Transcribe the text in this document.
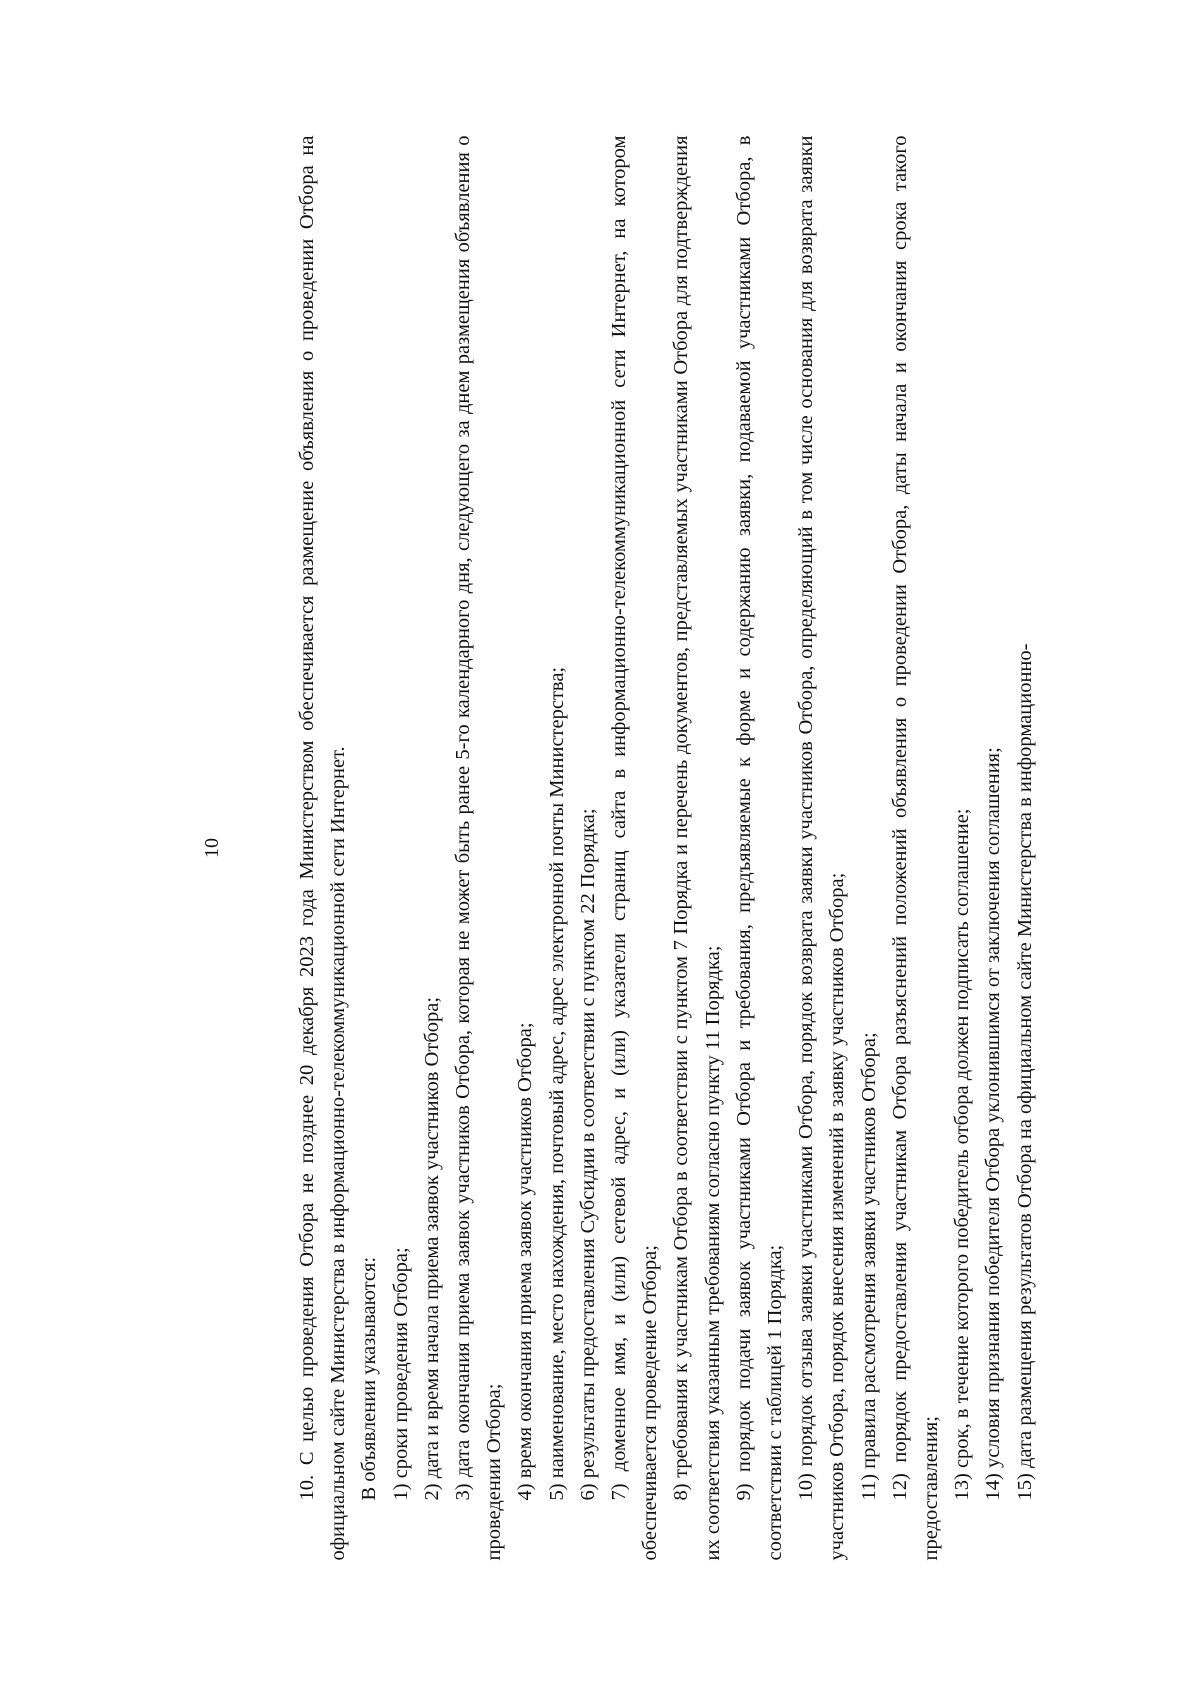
10	10. С целью проведения Отбора не позднее 20 декабря 2023 года Министерством обеспечивается размещение объявления о проведении Отбора на официальном сайте Министерства в информационно-телекоммуникационной сети Интернет. В объявлении указываются: 1) сроки проведения Отбора; 2) дата и время начала приема заявок участников Отбора; 3) дата окончания приема заявок участников Отбора, которая не может быть ранее 5-го календарного дня, следующего за днем размещения объявления о проведении Отбора; 4) время окончания приема заявок участников Отбора; 5) наименование, место нахождения, почтовый адрес, адрес электронной почты Министерства; 6) результаты предоставления Субсидии в соответствии с пунктом 22 Порядка; 7) доменное имя, и (или) сетевой адрес, и (или) указатели страниц сайта в информационно-телекоммуникационной сети Интернет, на котором обеспечивается проведение Отбора; 8) требования к участникам Отбора в соответствии с пунктом 7 Порядка и перечень документов, представляемых участниками Отбора для подтверждения их соответствия указанным требованиям согласно пункту 11 Порядка; 9) порядок подачи заявок участниками Отбора и требования, предъявляемые к форме и содержанию заявки, подаваемой участниками Отбора, в соответствии с таблицей 1 Порядка; 10) порядок отзыва заявки участниками Отбора, порядок возврата заявки участников Отбора, определяющий в том числе основания для возврата заявки участников Отбора, порядок внесения изменений в заявку участников Отбора; 11) правила рассмотрения заявки участников Отбора; 12) порядок предоставления участникам Отбора разъяснений положений объявления о проведении Отбора, даты начала и окончания срока такого предоставления; 13) срок, в течение которого победитель отбора должен подписать соглашение; 14) условия признания победителя Отбора уклонившимся от заключения соглашения; 15) дата размещения результатов Отбора на официальном сайте Министерства в информационно-
